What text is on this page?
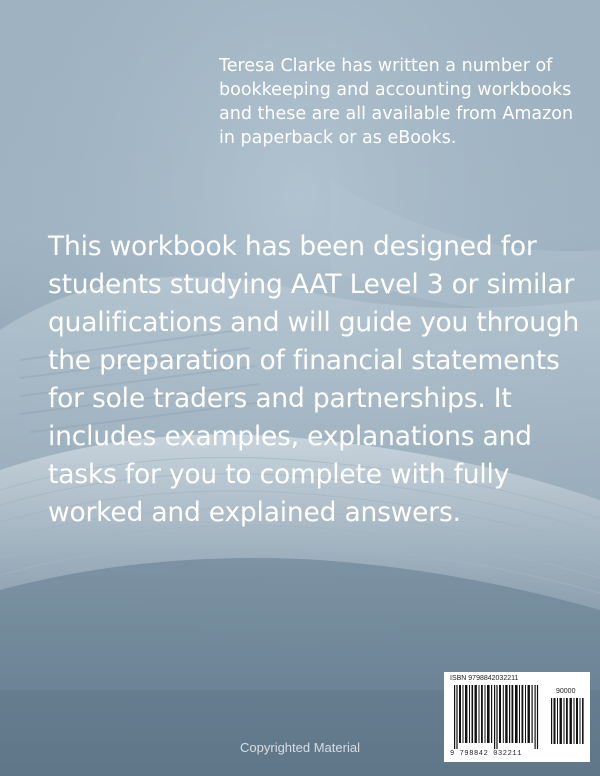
Teresa Clarke has written a number of bookkeeping and accounting workbooks and these are all available from Amazon in paperback or as eBooks.
This workbook has been designed for students studying AAT Level 3 or similar qualifications and will guide you through the preparation of financial statements for sole traders and partnerships. It includes examples, explanations and tasks for you to complete with fully worked and explained answers.
ISBN 9798842032211
90000
9 798842 032211
Copyrighted Material
